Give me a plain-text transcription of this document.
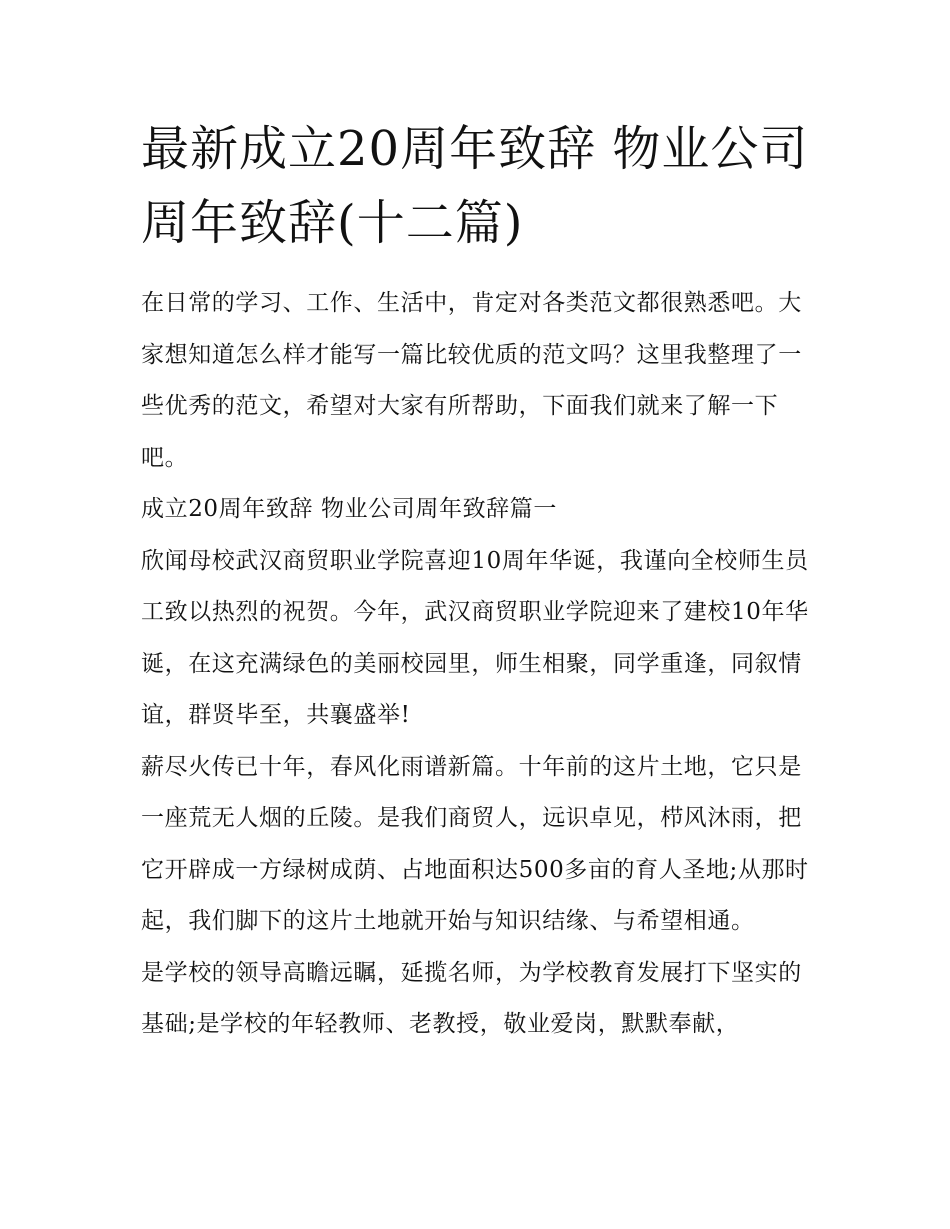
最新成立20周年致辞 物业公司周年致辞(十二篇)

在日常的学习、工作、生活中，肯定对各类范文都很熟悉吧。大家想知道怎么样才能写一篇比较优质的范文吗？这里我整理了一些优秀的范文，希望对大家有所帮助，下面我们就来了解一下吧。

成立20周年致辞 物业公司周年致辞篇一

欣闻母校武汉商贸职业学院喜迎10周年华诞，我谨向全校师生员工致以热烈的祝贺。今年，武汉商贸职业学院迎来了建校10年华诞，在这充满绿色的美丽校园里，师生相聚，同学重逢，同叙情谊，群贤毕至，共襄盛举!

薪尽火传已十年，春风化雨谱新篇。十年前的这片土地，它只是一座荒无人烟的丘陵。是我们商贸人，远识卓见，栉风沐雨，把它开辟成一方绿树成荫、占地面积达500多亩的育人圣地;从那时起，我们脚下的这片土地就开始与知识结缘、与希望相通。

是学校的领导高瞻远瞩，延揽名师，为学校教育发展打下坚实的基础;是学校的年轻教师、老教授，敬业爱岗，默默奉献，
